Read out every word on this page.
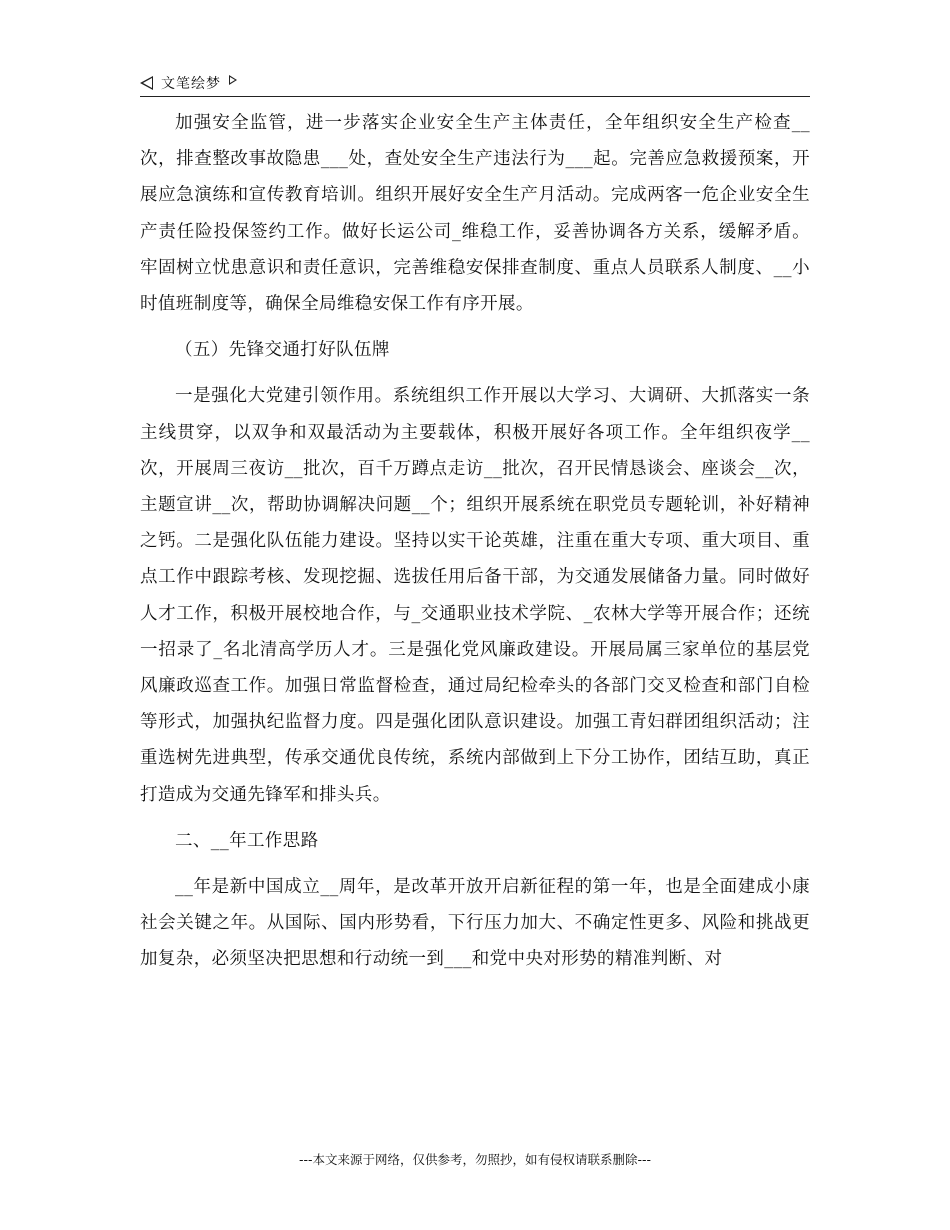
文笔绘梦

加强安全监管，进一步落实企业安全生产主体责任，全年组织安全生产检查__次，排查整改事故隐患___处，查处安全生产违法行为___起。完善应急救援预案，开展应急演练和宣传教育培训。组织开展好安全生产月活动。完成两客一危企业安全生产责任险投保签约工作。做好长运公司_维稳工作，妥善协调各方关系，缓解矛盾。牢固树立忧患意识和责任意识，完善维稳安保排查制度、重点人员联系人制度、__小时值班制度等，确保全局维稳安保工作有序开展。

（五）先锋交通打好队伍牌

一是强化大党建引领作用。系统组织工作开展以大学习、大调研、大抓落实一条主线贯穿，以双争和双最活动为主要载体，积极开展好各项工作。全年组织夜学__次，开展周三夜访__批次，百千万蹲点走访__批次，召开民情恳谈会、座谈会__次，主题宣讲__次，帮助协调解决问题__个；组织开展系统在职党员专题轮训，补好精神之钙。二是强化队伍能力建设。坚持以实干论英雄，注重在重大专项、重大项目、重点工作中跟踪考核、发现挖掘、选拔任用后备干部，为交通发展储备力量。同时做好人才工作，积极开展校地合作，与_交通职业技术学院、_农林大学等开展合作；还统一招录了_名北清高学历人才。三是强化党风廉政建设。开展局属三家单位的基层党风廉政巡查工作。加强日常监督检查，通过局纪检牵头的各部门交叉检查和部门自检等形式，加强执纪监督力度。四是强化团队意识建设。加强工青妇群团组织活动；注重选树先进典型，传承交通优良传统，系统内部做到上下分工协作，团结互助，真正打造成为交通先锋军和排头兵。

二、__年工作思路

__年是新中国成立__周年，是改革开放开启新征程的第一年，也是全面建成小康社会关键之年。从国际、国内形势看，下行压力加大、不确定性更多、风险和挑战更加复杂，必须坚决把思想和行动统一到___和党中央对形势的精准判断、对

---本文来源于网络，仅供参考，勿照抄，如有侵权请联系删除---
